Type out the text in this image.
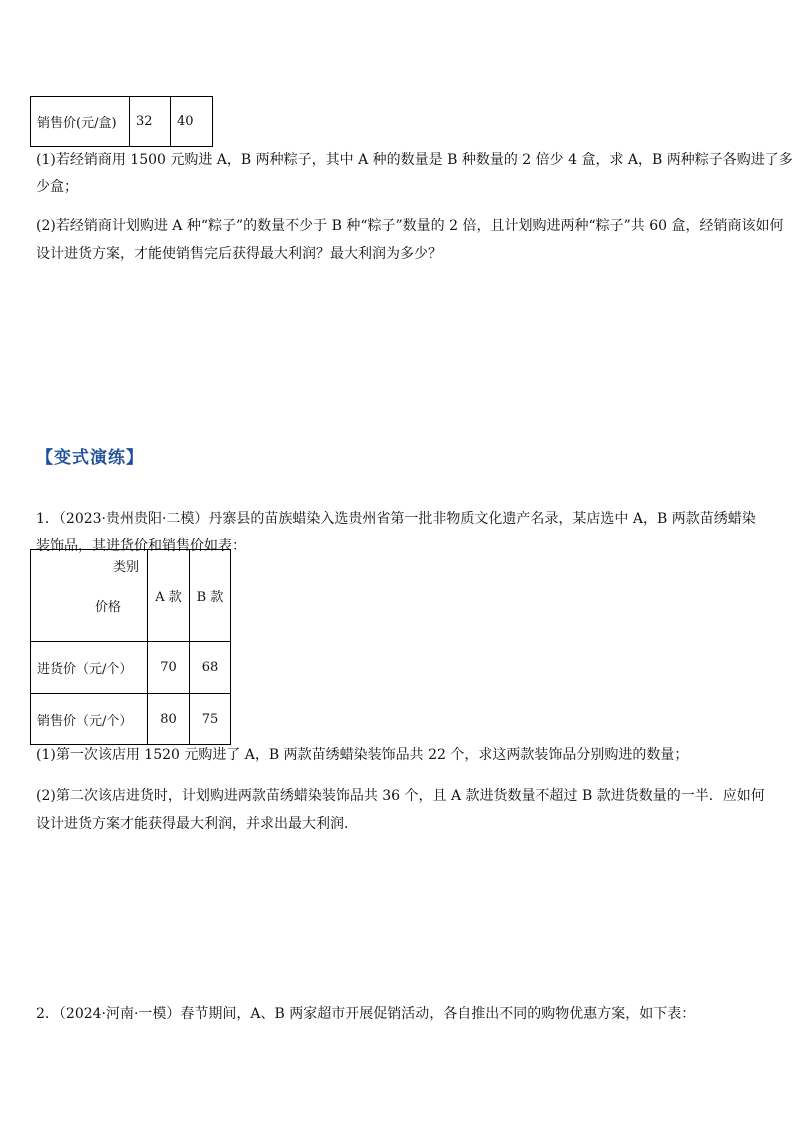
销售价(元/盒)	32	40
(1)若经销商用 1500 元购进 A，B 两种粽子，其中 A 种的数量是 B 种数量的 2 倍少 4 盒，求 A，B 两种粽子各购进了多
少盒；
(2)若经销商计划购进 A 种“粽子”的数量不少于 B 种“粽子”数量的 2 倍，且计划购进两种“粽子”共 60 盒，经销商该如何
设计进货方案，才能使销售完后获得最大利润？最大利润为多少？
【变式演练】
1．（2023·贵州贵阳·二模）丹寨县的苗族蜡染入选贵州省第一批非物质文化遗产名录，某店选中 A，B 两款苗绣蜡染
装饰品，其进货价和销售价如表：
类别
价格	A 款	B 款
进货价（元/个）	70	68
销售价（元/个）	80	75
(1)第一次该店用 1520 元购进了 A，B 两款苗绣蜡染装饰品共 22 个，求这两款装饰品分别购进的数量；
(2)第二次该店进货时，计划购进两款苗绣蜡染装饰品共 36 个，且 A 款进货数量不超过 B 款进货数量的一半．应如何
设计进货方案才能获得最大利润，并求出最大利润．
2．（2024·河南·一模）春节期间，A、B 两家超市开展促销活动，各自推出不同的购物优惠方案，如下表：
